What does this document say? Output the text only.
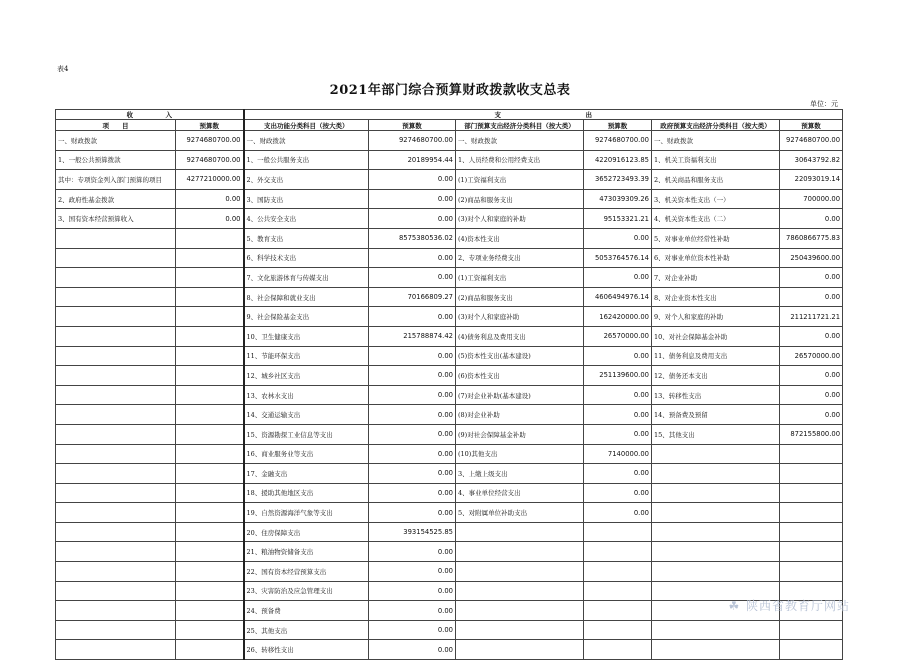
表4
2021年部门综合预算财政拨款收支总表
单位：元
收　　　　　入		支　　　　　　　　　　　　　出					
项　　目	预算数	支出功能分类科目（按大类）	预算数	部门预算支出经济分类科目（按大类）	预算数	政府预算支出经济分类科目（按大类）	预算数
一、财政拨款	9274680700.00	一、财政拨款	9274680700.00	一、财政拨款	9274680700.00	一、财政拨款	9274680700.00
1、一般公共预算拨款	9274680700.00	1、一般公共服务支出	20189954.44	1、人员经费和公用经费支出	4220916123.85	1、机关工资福利支出	30643792.82
其中：专项资金列入部门预算的项目	4277210000.00	2、外交支出	0.00	(1)工资福利支出	3652723493.39	2、机关商品和服务支出	22093019.14
2、政府性基金拨款	0.00	3、国防支出	0.00	(2)商品和服务支出	473039309.26	3、机关资本性支出（一）	700000.00
3、国有资本经营预算收入	0.00	4、公共安全支出	0.00	(3)对个人和家庭的补助	95153321.21	4、机关资本性支出（二）	0.00
		5、教育支出	8575380536.02	(4)资本性支出	0.00	5、对事业单位经常性补助	7860866775.83
		6、科学技术支出	0.00	2、专项业务经费支出	5053764576.14	6、对事业单位资本性补助	250439600.00
		7、文化旅游体育与传媒支出	0.00	(1)工资福利支出	0.00	7、对企业补助	0.00
		8、社会保障和就业支出	70166809.27	(2)商品和服务支出	4606494976.14	8、对企业资本性支出	0.00
		9、社会保险基金支出	0.00	(3)对个人和家庭补助	162420000.00	9、对个人和家庭的补助	211211721.21
		10、卫生健康支出	215788874.42	(4)债务利息及费用支出	26570000.00	10、对社会保障基金补助	0.00
		11、节能环保支出	0.00	(5)资本性支出(基本建设)	0.00	11、债务利息及费用支出	26570000.00
		12、城乡社区支出	0.00	(6)资本性支出	251139600.00	12、债务还本支出	0.00
		13、农林水支出	0.00	(7)对企业补助(基本建设)	0.00	13、转移性支出	0.00
		14、交通运输支出	0.00	(8)对企业补助	0.00	14、预备费及预留	0.00
		15、资源勘探工业信息等支出	0.00	(9)对社会保障基金补助	0.00	15、其他支出	872155800.00
		16、商业服务业等支出	0.00	(10)其他支出	7140000.00		
		17、金融支出	0.00	3、上缴上级支出	0.00		
		18、援助其他地区支出	0.00	4、事业单位经营支出	0.00		
		19、自然资源海洋气象等支出	0.00	5、对附属单位补助支出	0.00		
		20、住房保障支出	393154525.85				
		21、粮油物资储备支出	0.00				
		22、国有资本经营预算支出	0.00				
		23、灾害防治及应急管理支出	0.00				
		24、预备费	0.00				
		25、其他支出	0.00				
		26、转移性支出	0.00				
☘ 陕西省教育厅网站
